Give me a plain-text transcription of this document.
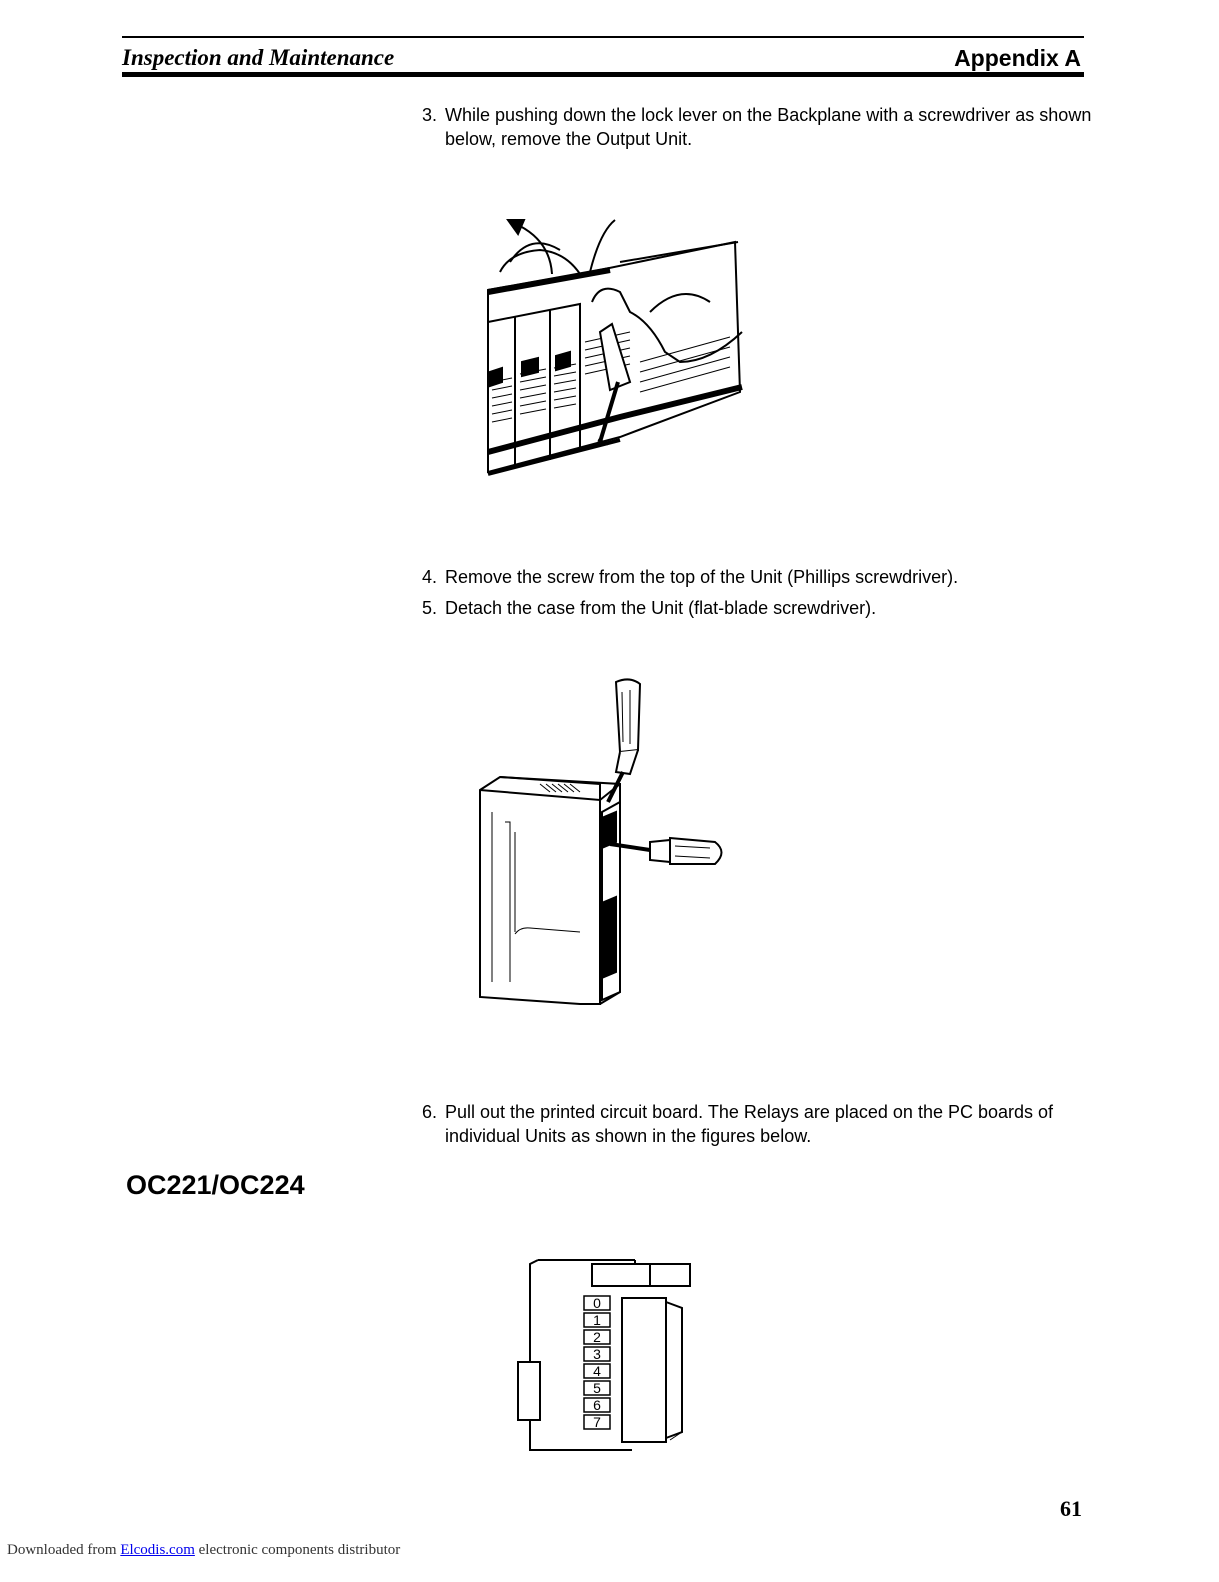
Inspection and Maintenance	Appendix A
3. While pushing down the lock lever on the Backplane with a screwdriver as shown below, remove the Output Unit.
4. Remove the screw from the top of the Unit (Phillips screwdriver).
5. Detach the case from the Unit (flat-blade screwdriver).
6. Pull out the printed circuit board. The Relays are placed on the PC boards of individual Units as shown in the figures below.
OC221/OC224
0
1
2
3
4
5
6
7
61
Downloaded from Elcodis.com electronic components distributor
